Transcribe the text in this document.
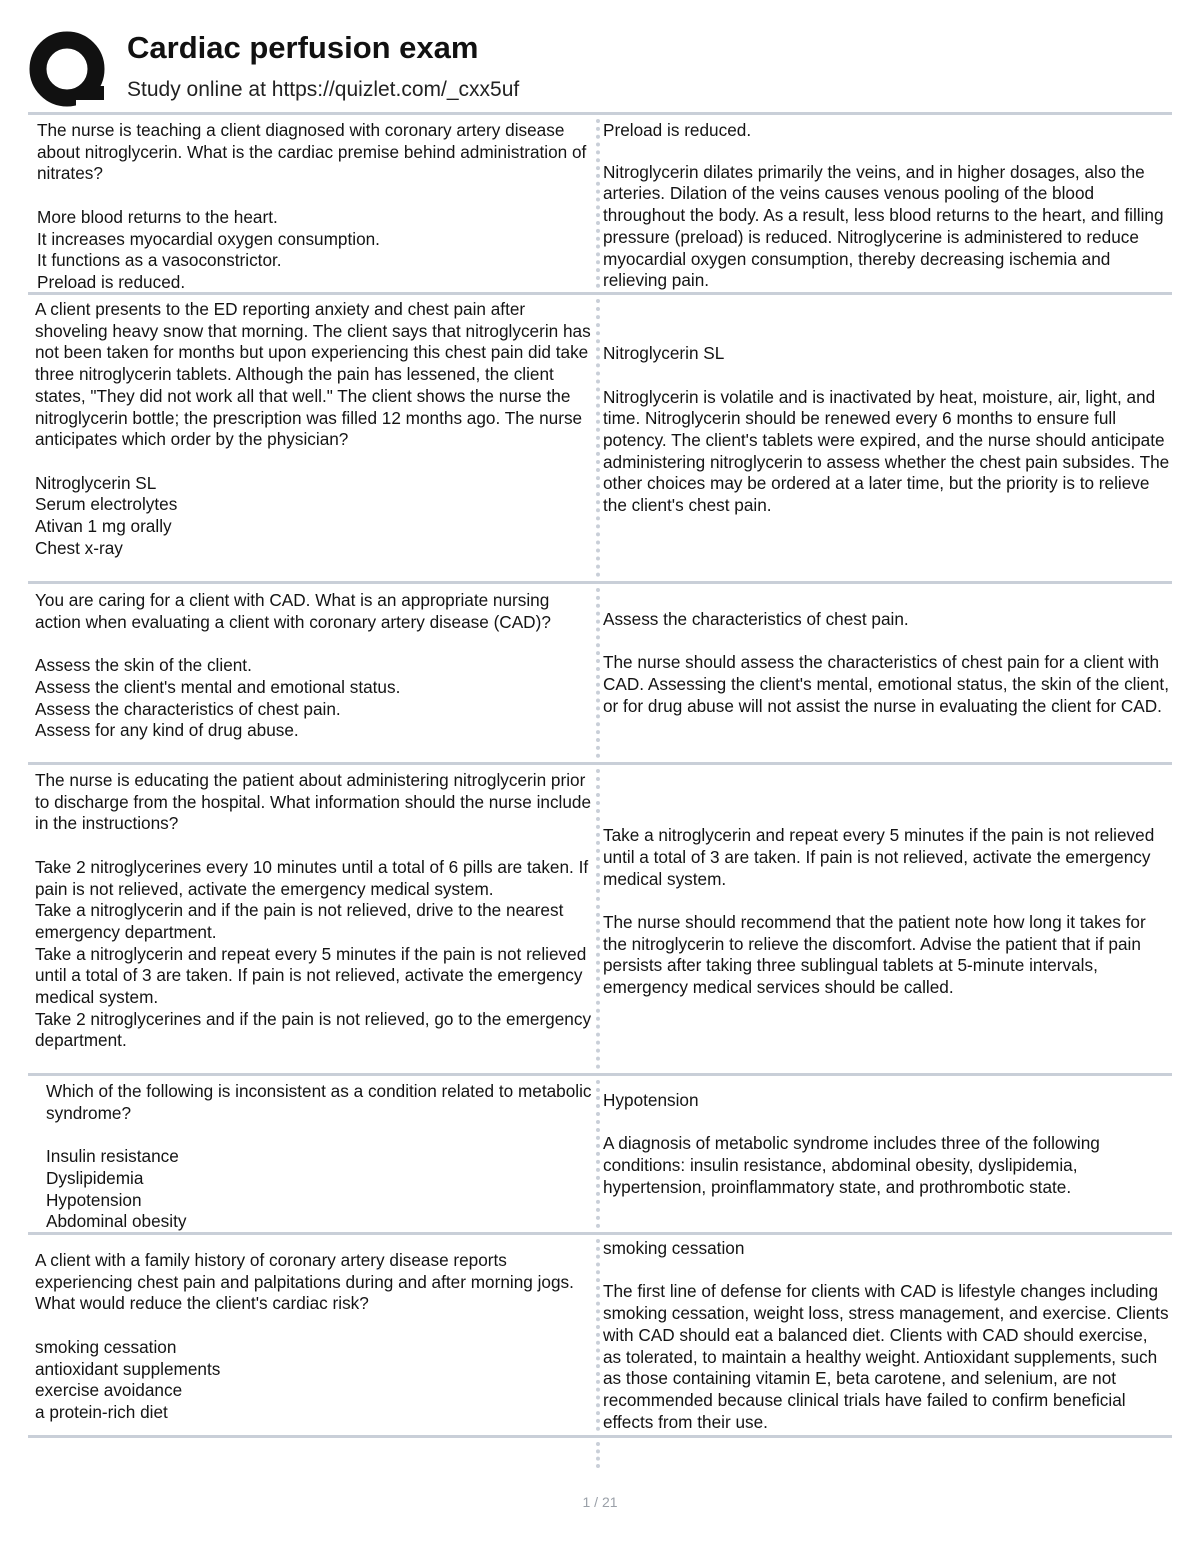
Cardiac perfusion exam
Study online at https://quizlet.com/_cxx5uf
The nurse is teaching a client diagnosed with coronary artery disease about nitroglycerin. What is the cardiac premise behind administration of nitrates?
More blood returns to the heart.
It increases myocardial oxygen consumption.
It functions as a vasoconstrictor.
Preload is reduced.
Preload is reduced.
Nitroglycerin dilates primarily the veins, and in higher dosages, also the arteries. Dilation of the veins causes venous pooling of the blood throughout the body. As a result, less blood returns to the heart, and filling pressure (preload) is reduced. Nitroglycerine is administered to reduce myocardial oxygen consumption, thereby decreasing ischemia and relieving pain.
A client presents to the ED reporting anxiety and chest pain after shoveling heavy snow that morning. The client says that nitroglycerin has not been taken for months but upon experiencing this chest pain did take three nitroglycerin tablets. Although the pain has lessened, the client states, "They did not work all that well." The client shows the nurse the nitroglycerin bottle; the prescription was filled 12 months ago. The nurse anticipates which order by the physician?
Nitroglycerin SL
Serum electrolytes
Ativan 1 mg orally
Chest x-ray
Nitroglycerin SL
Nitroglycerin is volatile and is inactivated by heat, moisture, air, light, and time. Nitroglycerin should be renewed every 6 months to ensure full potency. The client's tablets were expired, and the nurse should anticipate administering nitroglycerin to assess whether the chest pain subsides. The other choices may be ordered at a later time, but the priority is to relieve the client's chest pain.
You are caring for a client with CAD. What is an appropriate nursing action when evaluating a client with coronary artery disease (CAD)?
Assess the skin of the client.
Assess the client's mental and emotional status.
Assess the characteristics of chest pain.
Assess for any kind of drug abuse.
Assess the characteristics of chest pain.
The nurse should assess the characteristics of chest pain for a client with CAD. Assessing the client's mental, emotional status, the skin of the client, or for drug abuse will not assist the nurse in evaluating the client for CAD.
The nurse is educating the patient about administering nitroglycerin prior to discharge from the hospital. What information should the nurse include in the instructions?
Take 2 nitroglycerines every 10 minutes until a total of 6 pills are taken. If pain is not relieved, activate the emergency medical system.
Take a nitroglycerin and if the pain is not relieved, drive to the nearest emergency department.
Take a nitroglycerin and repeat every 5 minutes if the pain is not relieved until a total of 3 are taken. If pain is not relieved, activate the emergency medical system.
Take 2 nitroglycerines and if the pain is not relieved, go to the emergency department.
Take a nitroglycerin and repeat every 5 minutes if the pain is not relieved until a total of 3 are taken. If pain is not relieved, activate the emergency medical system.
The nurse should recommend that the patient note how long it takes for the nitroglycerin to relieve the discomfort. Advise the patient that if pain persists after taking three sublingual tablets at 5-minute intervals, emergency medical services should be called.
Which of the following is inconsistent as a condition related to metabolic syndrome?
Insulin resistance
Dyslipidemia
Hypotension
Abdominal obesity
Hypotension
A diagnosis of metabolic syndrome includes three of the following conditions: insulin resistance, abdominal obesity, dyslipidemia, hypertension, proinflammatory state, and prothrombotic state.
A client with a family history of coronary artery disease reports experiencing chest pain and palpitations during and after morning jogs. What would reduce the client's cardiac risk?
smoking cessation
antioxidant supplements
exercise avoidance
a protein-rich diet
smoking cessation
The first line of defense for clients with CAD is lifestyle changes including smoking cessation, weight loss, stress management, and exercise. Clients with CAD should eat a balanced diet. Clients with CAD should exercise, as tolerated, to maintain a healthy weight. Antioxidant supplements, such as those containing vitamin E, beta carotene, and selenium, are not recommended because clinical trials have failed to confirm beneficial effects from their use.
1 / 21
